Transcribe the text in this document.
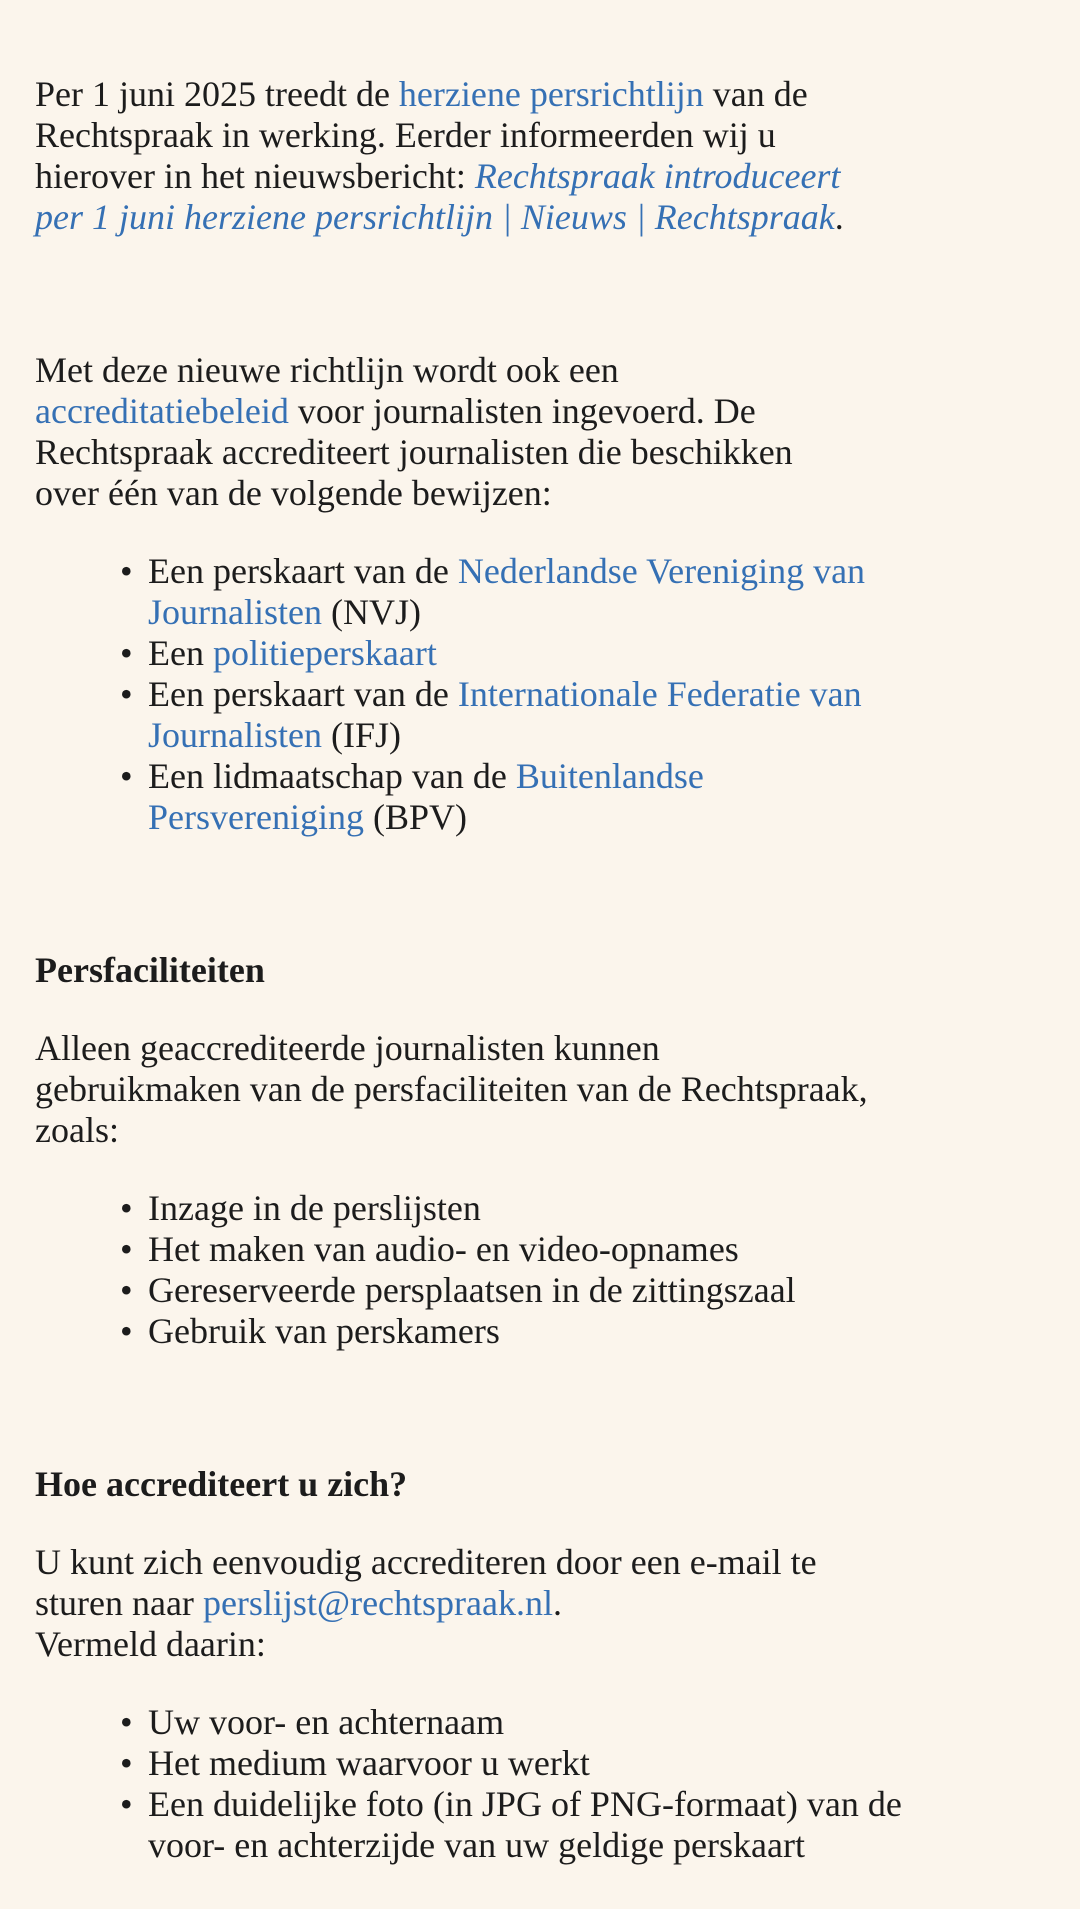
Per 1 juni 2025 treedt de herziene persrichtlijn van de
Rechtspraak in werking. Eerder informeerden wij u
hierover in het nieuwsbericht: Rechtspraak introduceert
per 1 juni herziene persrichtlijn | Nieuws | Rechtspraak.

Met deze nieuwe richtlijn wordt ook een
accreditatiebeleid voor journalisten ingevoerd. De
Rechtspraak accrediteert journalisten die beschikken
over één van de volgende bewijzen:

• Een perskaart van de Nederlandse Vereniging van
Journalisten (NVJ)
• Een politieperskaart
• Een perskaart van de Internationale Federatie van
Journalisten (IFJ)
• Een lidmaatschap van de Buitenlandse
Persvereniging (BPV)
Persfaciliteiten

Alleen geaccrediteerde journalisten kunnen
gebruikmaken van de persfaciliteiten van de Rechtspraak,
zoals:

• Inzage in de perslijsten
• Het maken van audio- en video-opnames
• Gereserveerde persplaatsen in de zittingszaal
• Gebruik van perskamers
Hoe accrediteert u zich?

U kunt zich eenvoudig accrediteren door een e-mail te
sturen naar perslijst@rechtspraak.nl.
Vermeld daarin:

• Uw voor- en achternaam
• Het medium waarvoor u werkt
• Een duidelijke foto (in JPG of PNG-formaat) van de
voor- en achterzijde van uw geldige perskaart
